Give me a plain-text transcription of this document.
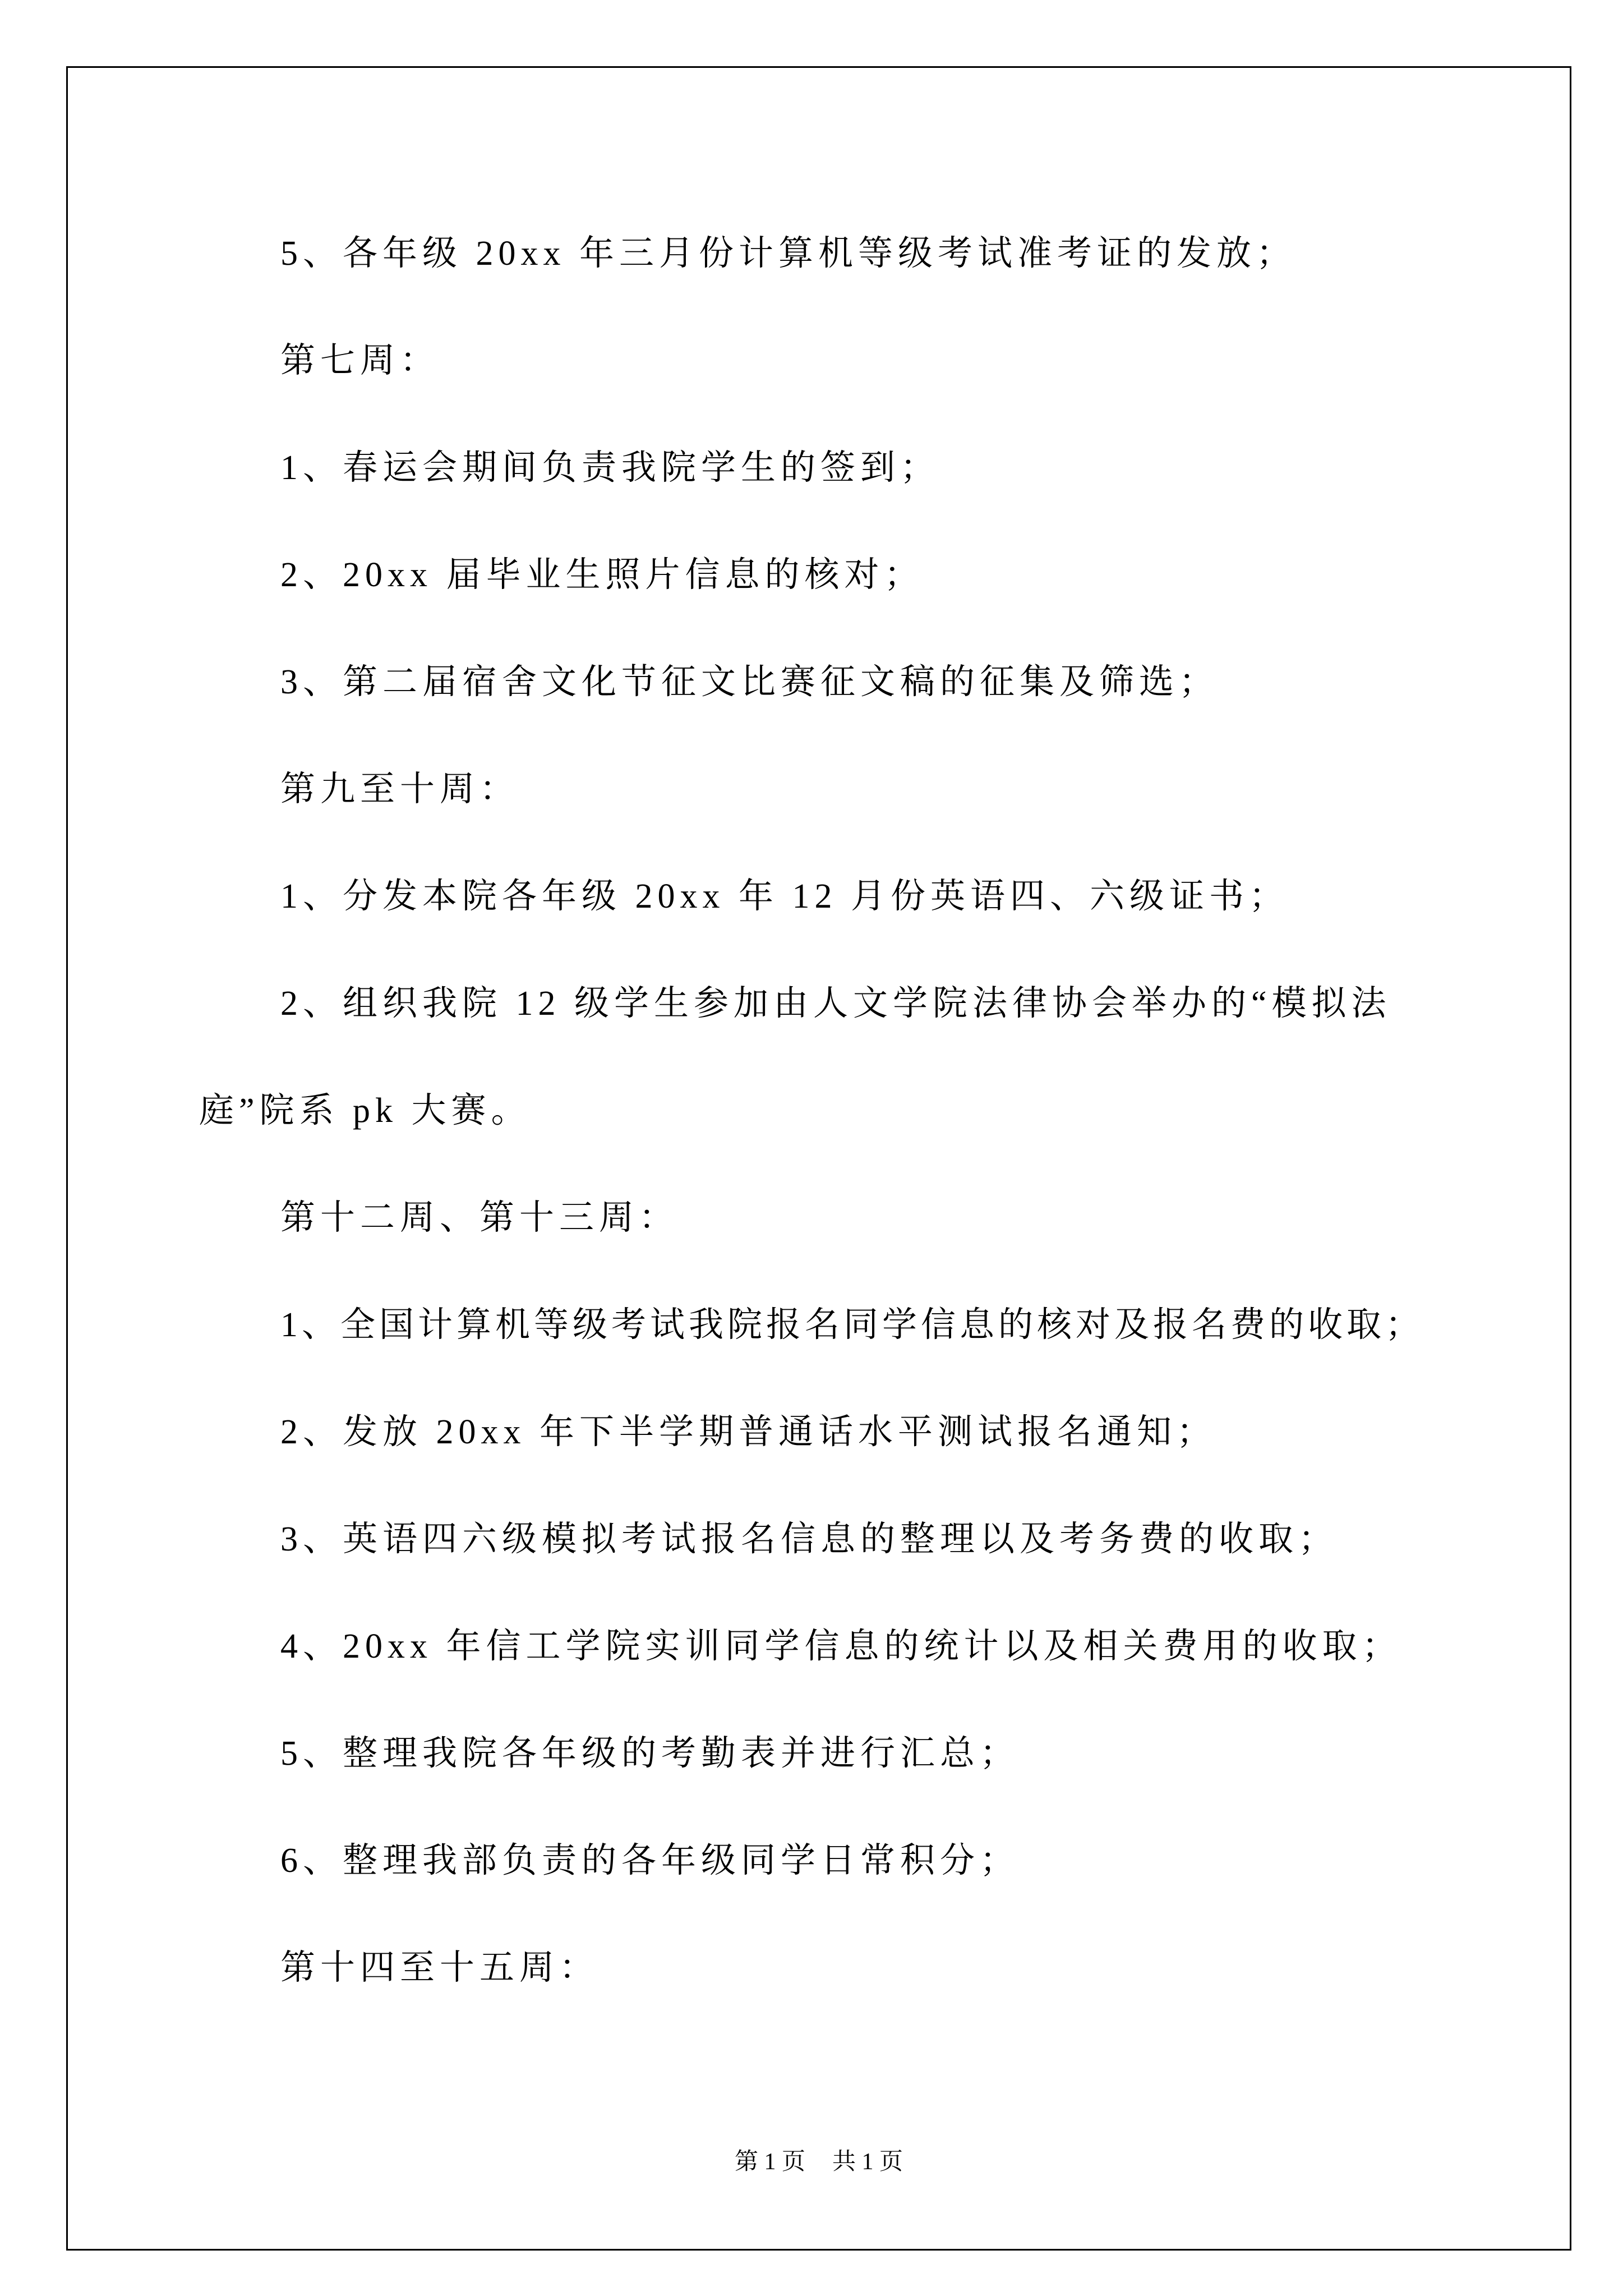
5、各年级 20xx 年三月份计算机等级考试准考证的发放；
第七周：
1、春运会期间负责我院学生的签到；
2、20xx 届毕业生照片信息的核对；
3、第二届宿舍文化节征文比赛征文稿的征集及筛选；
第九至十周：
1、分发本院各年级 20xx 年 12 月份英语四、六级证书；
2、组织我院 12 级学生参加由人文学院法律协会举办的“模拟法
庭”院系 pk 大赛。
第十二周、第十三周：
1、全国计算机等级考试我院报名同学信息的核对及报名费的收取；
2、发放 20xx 年下半学期普通话水平测试报名通知；
3、英语四六级模拟考试报名信息的整理以及考务费的收取；
4、20xx 年信工学院实训同学信息的统计以及相关费用的收取；
5、整理我院各年级的考勤表并进行汇总；
6、整理我部负责的各年级同学日常积分；
第十四至十五周：
第 1 页 共 1 页
